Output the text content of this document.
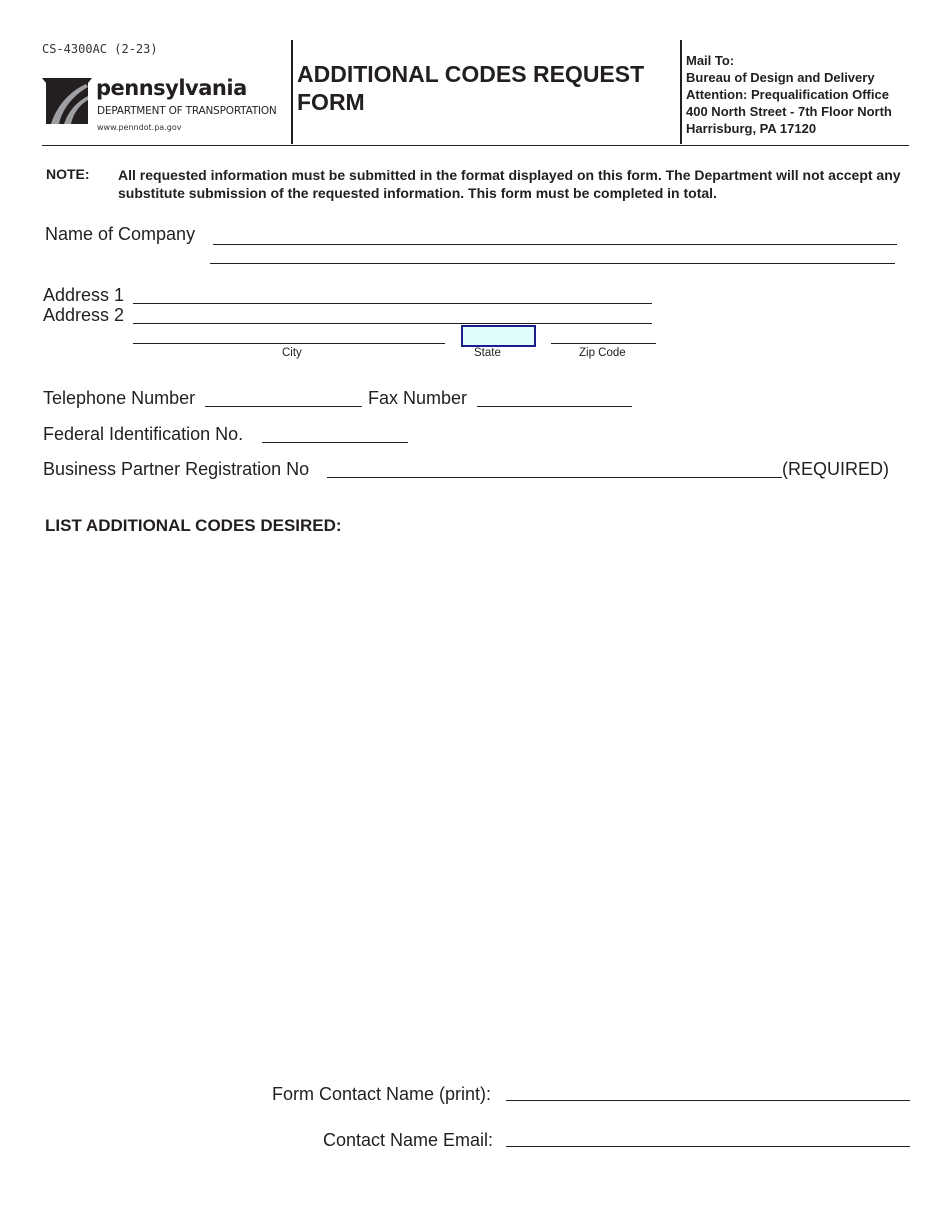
CS-4300AC (2-23)
pennsylvania
DEPARTMENT OF TRANSPORTATION
www.penndot.pa.gov
ADDITIONAL CODES REQUEST
FORM
Mail To:
Bureau of Design and Delivery
Attention: Prequalification Office
400 North Street - 7th Floor North
Harrisburg, PA 17120
NOTE: All requested information must be submitted in the format displayed on this form. The Department will not accept any substitute submission of the requested information. This form must be completed in total.
Name of Company
Address 1
Address 2
City	State	Zip Code
Telephone Number	Fax Number
Federal Identification No.
Business Partner Registration No	(REQUIRED)
LIST ADDITIONAL CODES DESIRED:
Form Contact Name (print):
Contact Name Email:
